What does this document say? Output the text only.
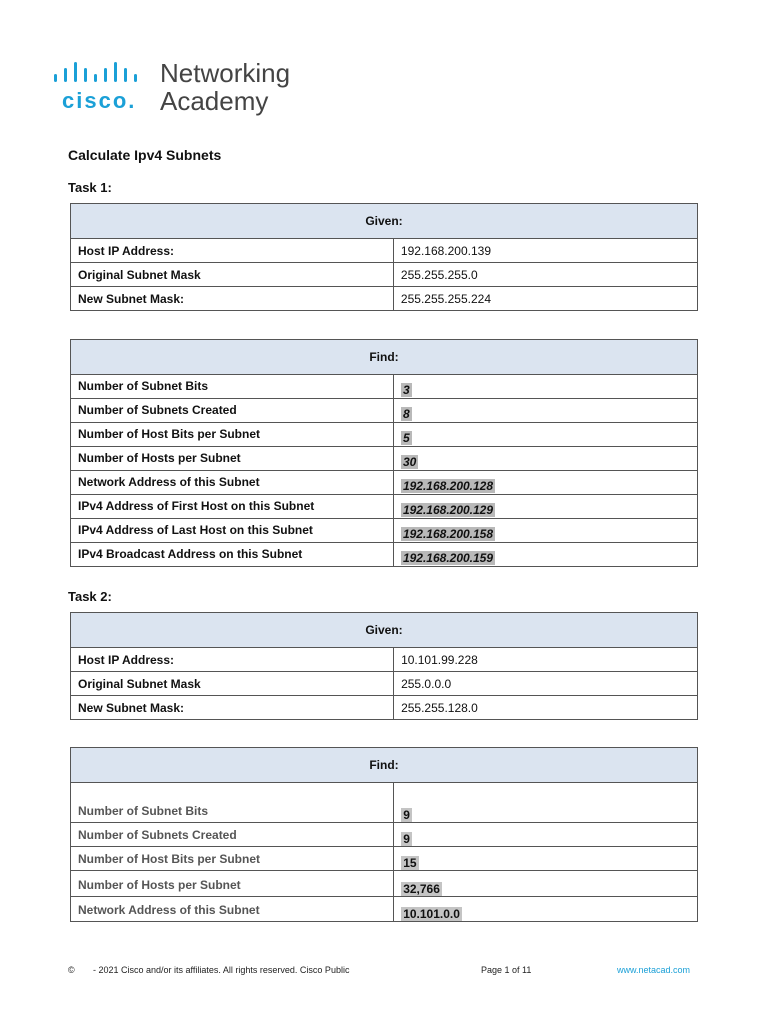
cisco.
Networking
Academy
Calculate Ipv4 Subnets
Task 1:
Given:	
Host IP Address:	192.168.200.139
Original Subnet Mask	255.255.255.0
New Subnet Mask:	255.255.255.224
Find:	
Number of Subnet Bits	3
Number of Subnets Created	8
Number of Host Bits per Subnet	5
Number of Hosts per Subnet	30
Network Address of this Subnet	192.168.200.128
IPv4 Address of First Host on this Subnet	192.168.200.129
IPv4 Address of Last Host on this Subnet	192.168.200.158
IPv4 Broadcast Address on this Subnet	192.168.200.159
Task 2:
Given:	
Host IP Address:	10.101.99.228
Original Subnet Mask	255.0.0.0
New Subnet Mask:	255.255.128.0
Find:	
Number of Subnet Bits	9
Number of Subnets Created	9
Number of Host Bits per Subnet	15
Number of Hosts per Subnet	32,766
Network Address of this Subnet	10.101.0.0
© - 2021 Cisco and/or its affiliates. All rights reserved. Cisco Public	Page 1 of 11	www.netacad.com
